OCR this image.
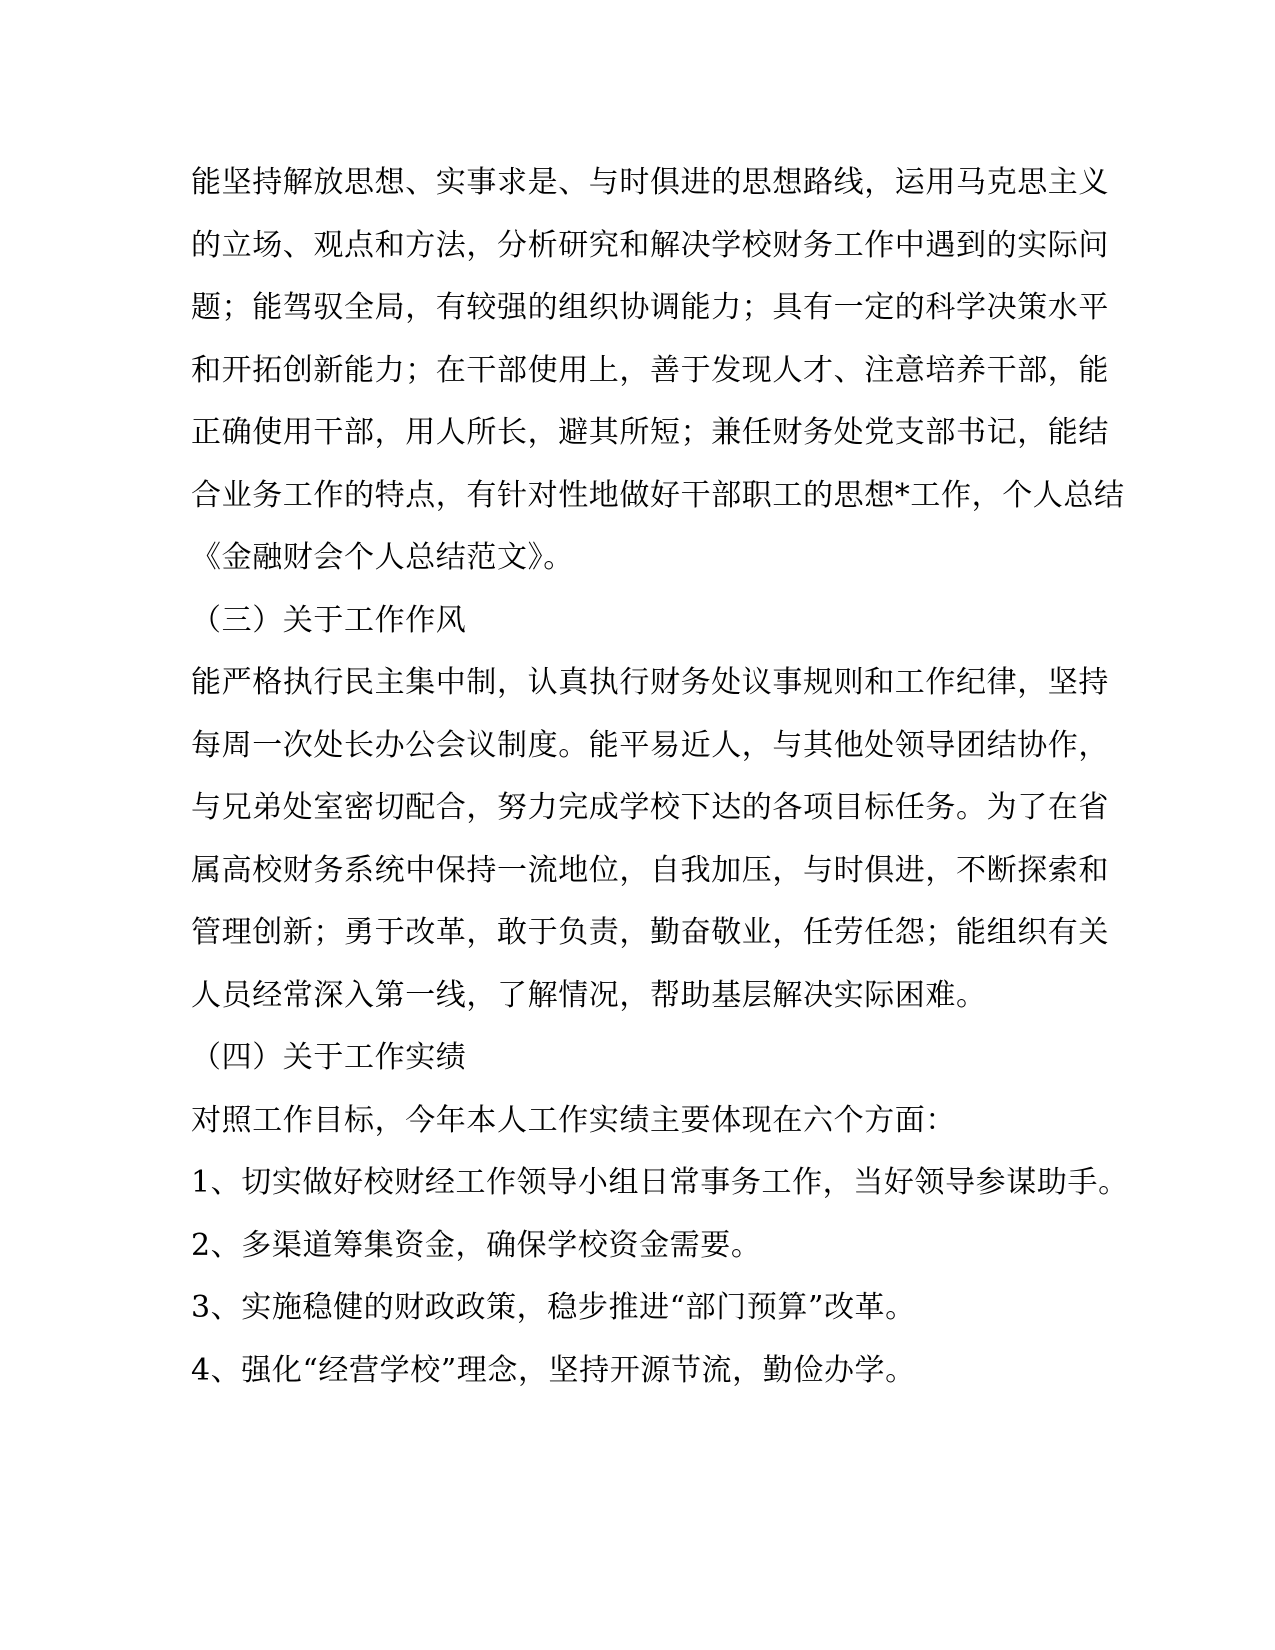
能坚持解放思想、实事求是、与时俱进的思想路线，运用马克思主义

的立场、观点和方法，分析研究和解决学校财务工作中遇到的实际问

题；能驾驭全局，有较强的组织协调能力；具有一定的科学决策水平

和开拓创新能力；在干部使用上，善于发现人才、注意培养干部，能

正确使用干部，用人所长，避其所短；兼任财务处党支部书记，能结

合业务工作的特点，有针对性地做好干部职工的思想*工作，个人总结

《金融财会个人总结范文》。

（三）关于工作作风

能严格执行民主集中制，认真执行财务处议事规则和工作纪律，坚持

每周一次处长办公会议制度。能平易近人，与其他处领导团结协作，

与兄弟处室密切配合，努力完成学校下达的各项目标任务。为了在省

属高校财务系统中保持一流地位，自我加压，与时俱进，不断探索和

管理创新；勇于改革，敢于负责，勤奋敬业，任劳任怨；能组织有关

人员经常深入第一线，了解情况，帮助基层解决实际困难。

（四）关于工作实绩

对照工作目标，今年本人工作实绩主要体现在六个方面：

1、切实做好校财经工作领导小组日常事务工作，当好领导参谋助手。

2、多渠道筹集资金，确保学校资金需要。

3、实施稳健的财政政策，稳步推进“部门预算”改革。

4、强化“经营学校”理念，坚持开源节流，勤俭办学。
